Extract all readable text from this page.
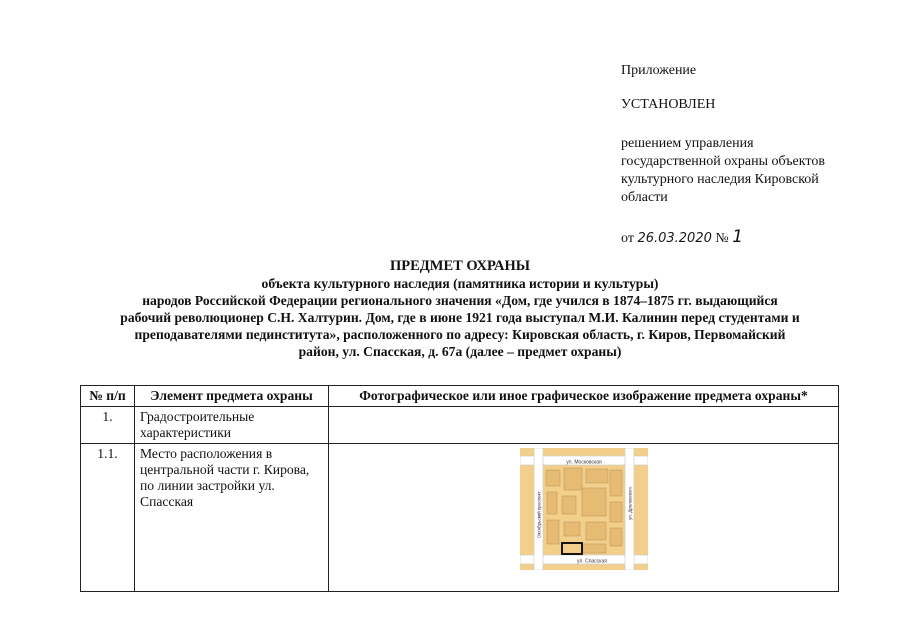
Приложение
УСТАНОВЛЕН
решением управления
государственной охраны объектов
культурного наследия Кировской
области
от 26.03.2020 № 1
ПРЕДМЕТ ОХРАНЫ
объекта культурного наследия (памятника истории и культуры)
народов Российской Федерации регионального значения «Дом, где учился в 1874–1875 гг. выдающийся
рабочий революционер С.Н. Халтурин. Дом, где в июне 1921 года выступал М.И. Калинин перед студентами и
преподавателями пединститута», расположенного по адресу: Кировская область, г. Киров, Первомайский
район, ул. Спасская, д. 67а (далее – предмет охраны)
№ п/п	Элемент предмета охраны	Фотографическое или иное графическое изображение предмета охраны*
1.	Градостроительные характеристики	
1.1.	Место расположения в центральной части г. Кирова, по линии застройки ул. Спасская	ул. Московская
ул. Спасская
Октябрьский проспект ул. Дрелевского
